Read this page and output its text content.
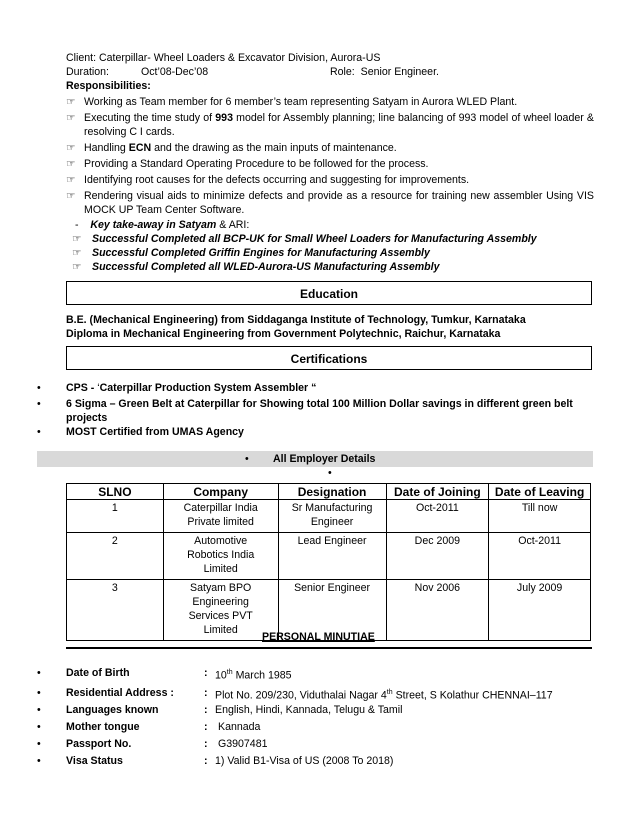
Client: Caterpillar- Wheel Loaders & Excavator Division, Aurora-US
Duration:	Oct’08-Dec’08	Role: Senior Engineer.
Responsibilities:
☞ Working as Team member for 6 member’s team representing Satyam in Aurora WLED Plant.
☞ Executing the time study of 993 model for Assembly planning; line balancing of 993 model of wheel loader & resolving C I cards.
☞ Handling ECN and the drawing as the main inputs of maintenance.
☞ Providing a Standard Operating Procedure to be followed for the process.
☞ Identifying root causes for the defects occurring and suggesting for improvements.
☞ Rendering visual aids to minimize defects and provide as a resource for training new assembler Using VIS MOCK UP Team Center Software.
- Key take-away in Satyam & ARI:
☞ Successful Completed all BCP-UK for Small Wheel Loaders for Manufacturing Assembly
☞ Successful Completed Griffin Engines for Manufacturing Assembly
☞ Successful Completed all WLED-Aurora-US Manufacturing Assembly
Education
B.E. (Mechanical Engineering) from Siddaganga Institute of Technology, Tumkur, Karnataka
Diploma in Mechanical Engineering from Government Polytechnic, Raichur, Karnataka
Certifications
• CPS - ‘Caterpillar Production System Assembler “
• 6 Sigma – Green Belt at Caterpillar for Showing total 100 Million Dollar savings in different green belt projects
• MOST Certified from UMAS Agency
• All Employer Details
•
SLNO	Company	Designation	Date of Joining	Date of Leaving
1	Caterpillar India Private limited	Sr Manufacturing Engineer	Oct-2011	Till now
2	Automotive Robotics India Limited	Lead Engineer	Dec 2009	Oct-2011
3	Satyam BPO Engineering Services PVT Limited	Senior Engineer	Nov 2006	July 2009
PERSONAL MINUTIAE
• Date of Birth	: 10th March 1985
• Residential Address :	: Plot No. 209/230, Viduthalai Nagar 4th Street, S Kolathur CHENNAI–117
• Languages known	: English, Hindi, Kannada, Telugu & Tamil
• Mother tongue	: Kannada
• Passport No.	: G3907481
• Visa Status	: 1) Valid B1-Visa of US (2008 To 2018)
